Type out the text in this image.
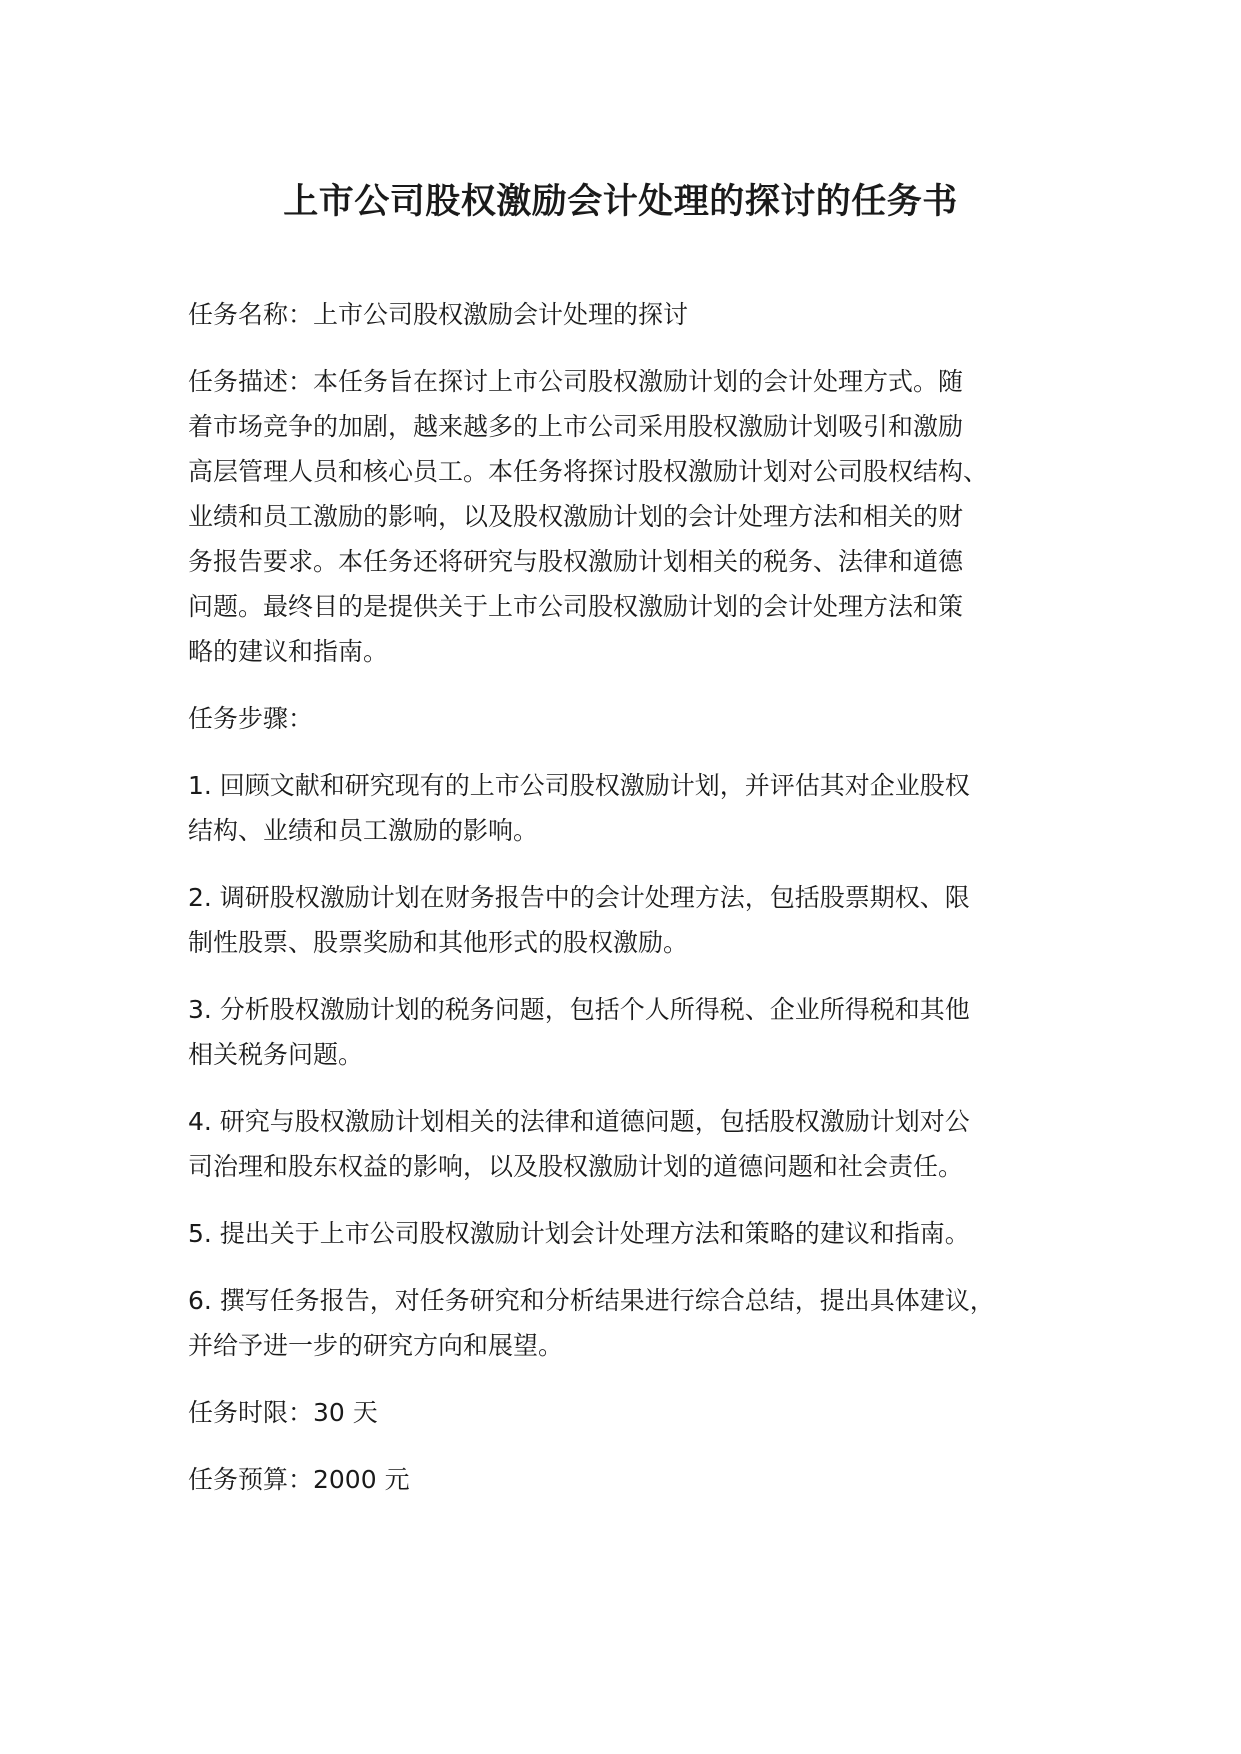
上市公司股权激励会计处理的探讨的任务书

任务名称：上市公司股权激励会计处理的探讨

任务描述：本任务旨在探讨上市公司股权激励计划的会计处理方式。随
着市场竞争的加剧，越来越多的上市公司采用股权激励计划吸引和激励
高层管理人员和核心员工。本任务将探讨股权激励计划对公司股权结构、
业绩和员工激励的影响，以及股权激励计划的会计处理方法和相关的财
务报告要求。本任务还将研究与股权激励计划相关的税务、法律和道德
问题。最终目的是提供关于上市公司股权激励计划的会计处理方法和策
略的建议和指南。

任务步骤：

1. 回顾文献和研究现有的上市公司股权激励计划，并评估其对企业股权
结构、业绩和员工激励的影响。

2. 调研股权激励计划在财务报告中的会计处理方法，包括股票期权、限
制性股票、股票奖励和其他形式的股权激励。

3. 分析股权激励计划的税务问题，包括个人所得税、企业所得税和其他
相关税务问题。

4. 研究与股权激励计划相关的法律和道德问题，包括股权激励计划对公
司治理和股东权益的影响，以及股权激励计划的道德问题和社会责任。

5. 提出关于上市公司股权激励计划会计处理方法和策略的建议和指南。

6. 撰写任务报告，对任务研究和分析结果进行综合总结，提出具体建议，
并给予进一步的研究方向和展望。

任务时限：30 天

任务预算：2000 元
